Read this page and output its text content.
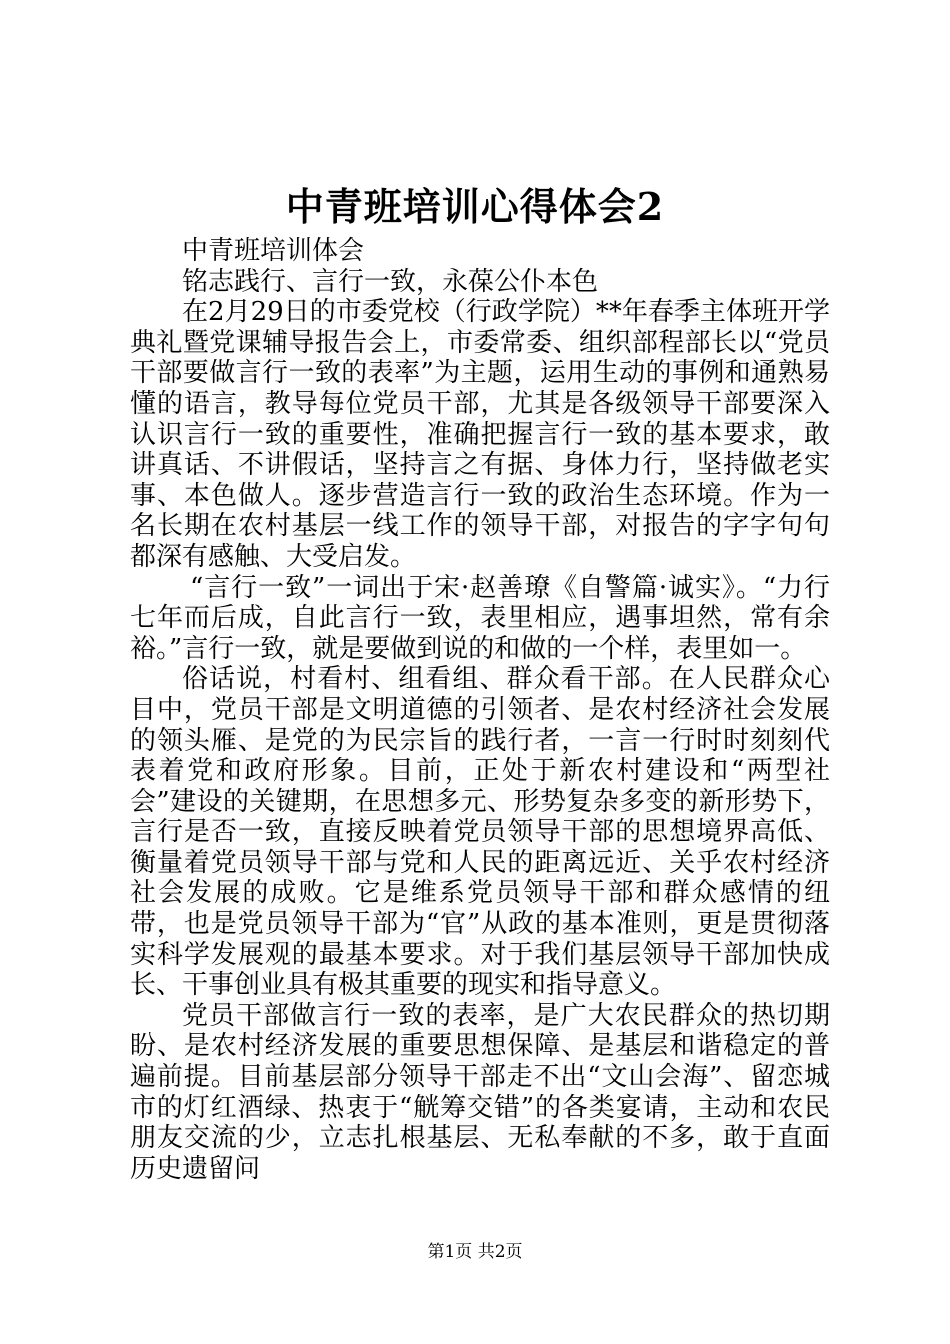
中青班培训心得体会2

中青班培训体会

铭志践行、言行一致，永葆公仆本色

在2月29日的市委党校（行政学院）**年春季主体班开学典礼暨党课辅导报告会上，市委常委、组织部程部长以“党员干部要做言行一致的表率”为主题，运用生动的事例和通熟易懂的语言，教导每位党员干部，尤其是各级领导干部要深入认识言行一致的重要性，准确把握言行一致的基本要求，敢讲真话、不讲假话，坚持言之有据、身体力行，坚持做老实事、本色做人。逐步营造言行一致的政治生态环境。作为一名长期在农村基层一线工作的领导干部，对报告的字字句句都深有感触、大受启发。

“言行一致”一词出于宋·赵善璙《自警篇·诚实》。“力行七年而后成，自此言行一致，表里相应，遇事坦然，常有余裕。”言行一致，就是要做到说的和做的一个样，表里如一。

俗话说，村看村、组看组、群众看干部。在人民群众心目中，党员干部是文明道德的引领者、是农村经济社会发展的领头雁、是党的为民宗旨的践行者，一言一行时时刻刻代表着党和政府形象。目前，正处于新农村建设和“两型社会”建设的关键期，在思想多元、形势复杂多变的新形势下，言行是否一致，直接反映着党员领导干部的思想境界高低、衡量着党员领导干部与党和人民的距离远近、关乎农村经济社会发展的成败。它是维系党员领导干部和群众感情的纽带，也是党员领导干部为“官”从政的基本准则，更是贯彻落实科学发展观的最基本要求。对于我们基层领导干部加快成长、干事创业具有极其重要的现实和指导意义。

党员干部做言行一致的表率，是广大农民群众的热切期盼、是农村经济发展的重要思想保障、是基层和谐稳定的普遍前提。目前基层部分领导干部走不出“文山会海”、留恋城市的灯红酒绿、热衷于“觥筹交错”的各类宴请，主动和农民朋友交流的少，立志扎根基层、无私奉献的不多，敢于直面历史遗留问

第1页 共2页
